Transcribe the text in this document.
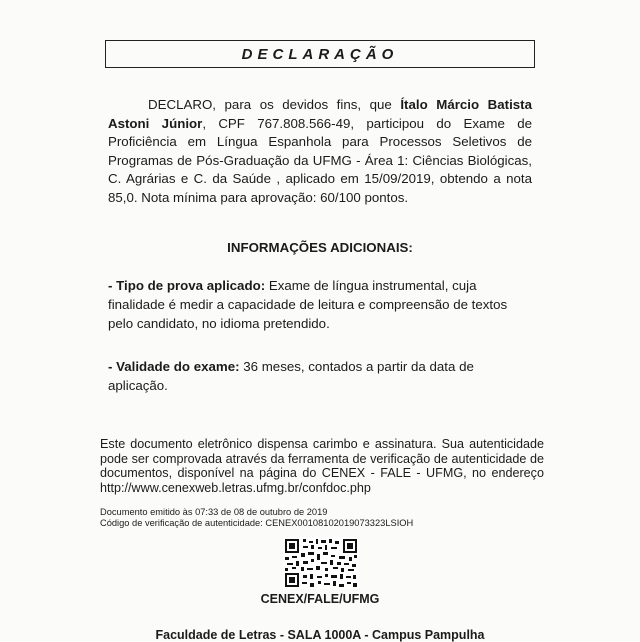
DECLARAÇÃO
DECLARO, para os devidos fins, que Ítalo Márcio Batista Astoni Júnior, CPF 767.808.566-49, participou do Exame de Proficiência em Língua Espanhola para Processos Seletivos de Programas de Pós-Graduação da UFMG - Área 1: Ciências Biológicas, C. Agrárias e C. da Saúde , aplicado em 15/09/2019, obtendo a nota 85,0. Nota mínima para aprovação: 60/100 pontos.
INFORMAÇÕES ADICIONAIS:
- Tipo de prova aplicado: Exame de língua instrumental, cuja finalidade é medir a capacidade de leitura e compreensão de textos pelo candidato, no idioma pretendido.
- Validade do exame: 36 meses, contados a partir da data de aplicação.
Este documento eletrônico dispensa carimbo e assinatura. Sua autenticidade pode ser comprovada através da ferramenta de verificação de autenticidade de documentos, disponível na página do CENEX - FALE - UFMG, no endereço http://www.cenexweb.letras.ufmg.br/confdoc.php
Documento emitido às 07:33 de 08 de outubro de 2019
Código de verificação de autenticidade: CENEX00108102019073323LSIOH
CENEX/FALE/UFMG
Faculdade de Letras - SALA 1000A - Campus Pampulha
